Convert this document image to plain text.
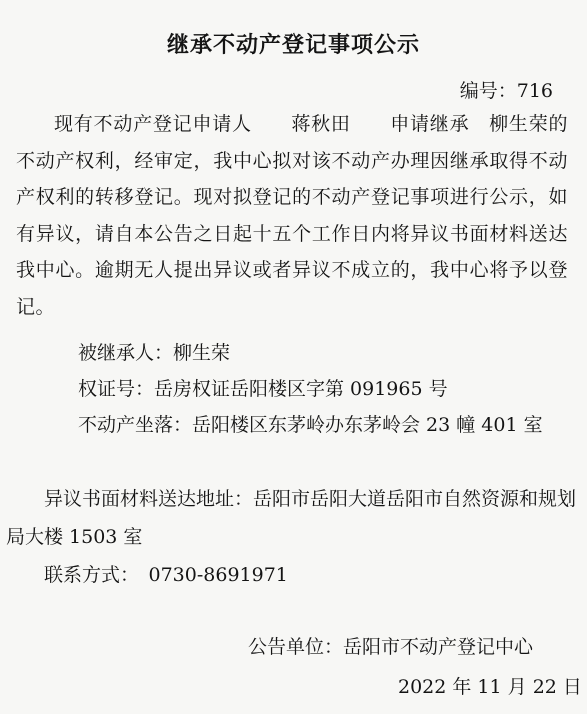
继承不动产登记事项公示
编号：716
现有不动产登记申请人　　蒋秋田　　申请继承　柳生荣的不动产权利，经审定，我中心拟对该不动产办理因继承取得不动产权利的转移登记。现对拟登记的不动产登记事项进行公示，如有异议，请自本公告之日起十五个工作日内将异议书面材料送达我中心。逾期无人提出异议或者异议不成立的，我中心将予以登记。
被继承人：柳生荣
权证号：岳房权证岳阳楼区字第 091965 号
不动产坐落：岳阳楼区东茅岭办东茅岭会 23 幢 401 室
异议书面材料送达地址：岳阳市岳阳大道岳阳市自然资源和规划局大楼 1503 室
联系方式：　0730-8691971
公告单位：岳阳市不动产登记中心
2022 年 11 月 22 日
